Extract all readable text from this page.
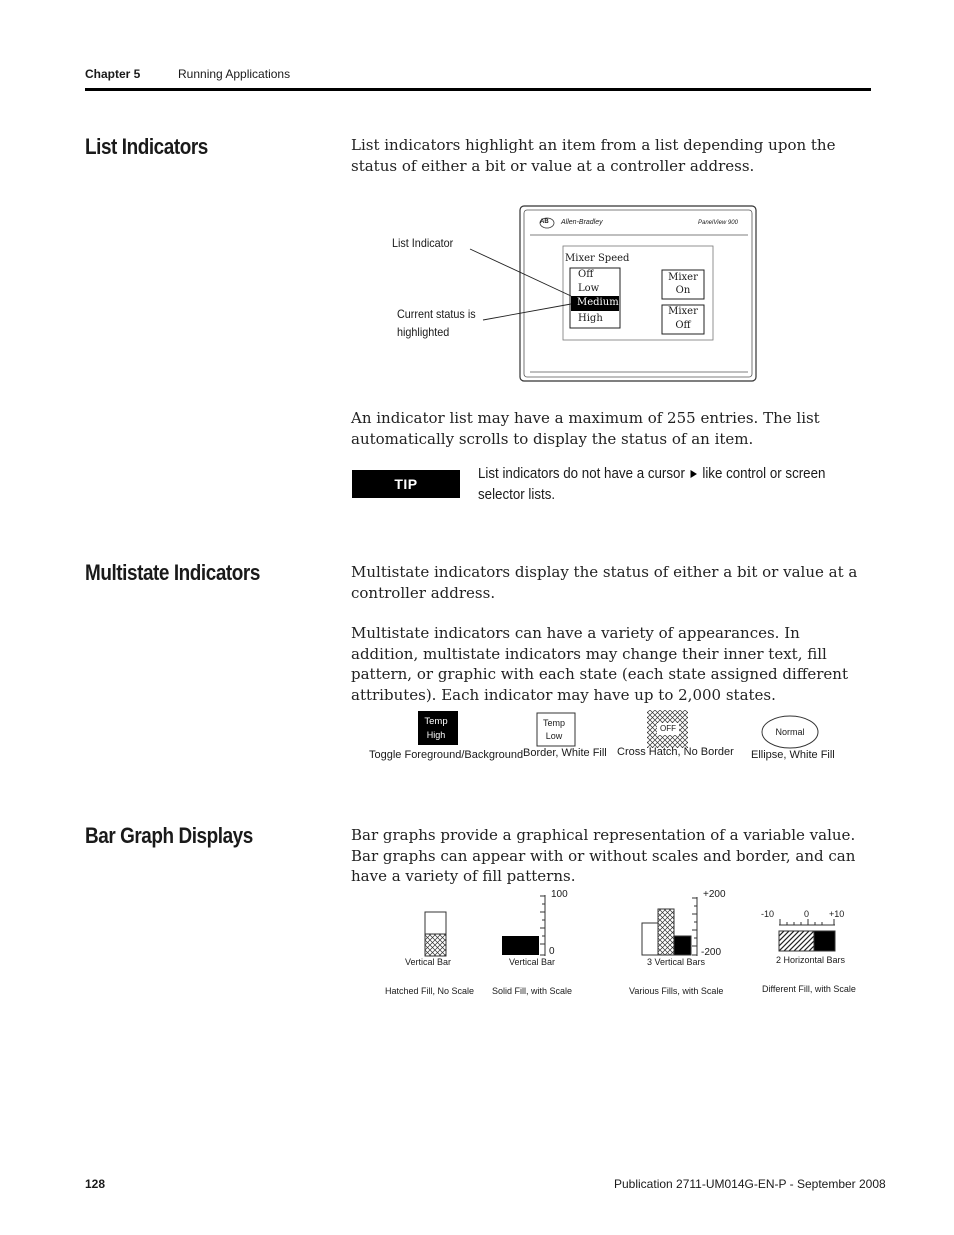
Chapter 5	Running Applications
List Indicators	List indicators highlight an item from a list depending upon the status of either a bit or value at a controller address.
AB Allen-Bradley	PanelView 900
Mixer Speed
Off
Low
Medium
High
Mixer
On
Mixer
Off
List Indicator
Current status is
highlighted
An indicator list may have a maximum of 255 entries. The list automatically scrolls to display the status of an item.
TIP
List indicators do not have a cursor like control or screen selector lists.
Multistate Indicators	Multistate indicators display the status of either a bit or value at a controller address.
Multistate indicators can have a variety of appearances. In addition, multistate indicators may change their inner text, fill pattern, or graphic with each state (each state assigned different attributes). Each indicator may have up to 2,000 states.
Temp
High
Temp
Low
OFF	Normal
Toggle Foreground/Background Border, White Fill Cross Hatch, No Border Ellipse, White Fill
Bar Graph Displays	Bar graphs provide a graphical representation of a variable value. Bar graphs can appear with or without scales and border, and can have a variety of fill patterns.
100
0
+200
-200
-10	0 +10
Vertical Bar	Vertical Bar	3 Vertical Bars	2 Horizontal Bars
Hatched Fill, No Scale Solid Fill, with Scale	Various Fills, with Scale	Different Fill, with Scale
128	Publication 2711-UM014G-EN-P - September 2008
